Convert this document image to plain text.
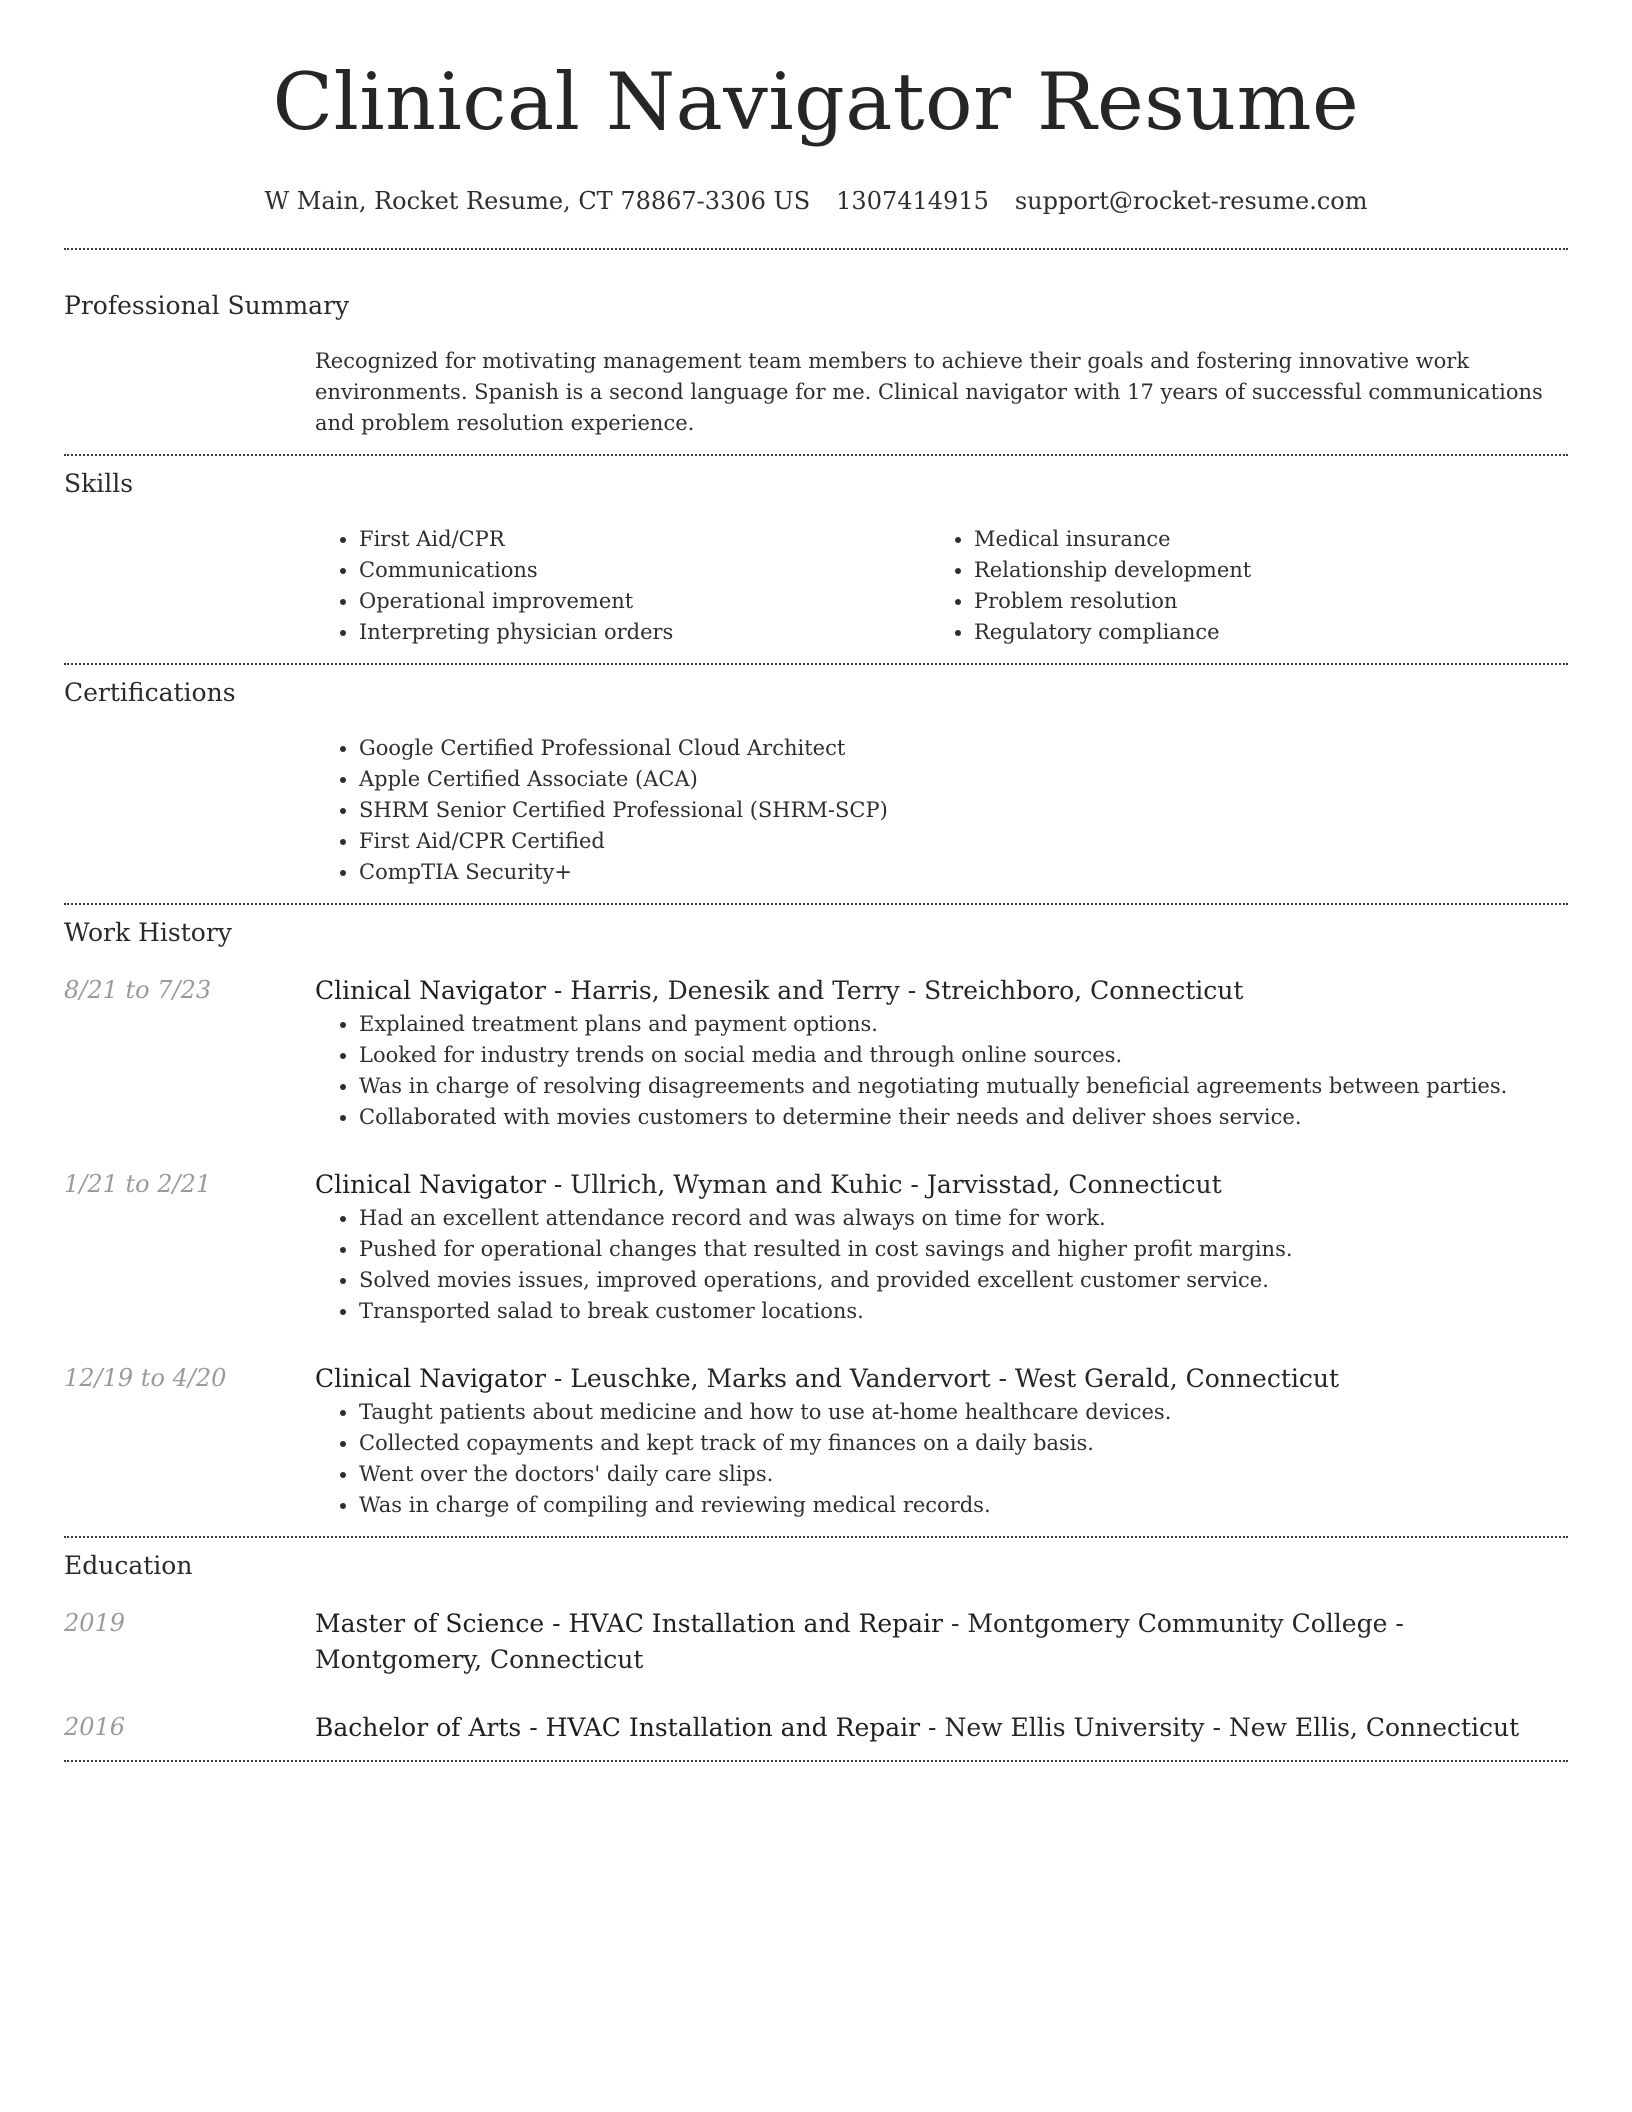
Clinical Navigator Resume
W Main, Rocket Resume, CT 78867-3306 US 1307414915 support@rocket-resume.com
Professional Summary
Recognized for motivating management team members to achieve their goals and fostering innovative work environments. Spanish is a second language for me. Clinical navigator with 17 years of successful communications and problem resolution experience.
Skills
• First Aid/CPR
• Communications
• Operational improvement
• Interpreting physician orders
• Medical insurance
• Relationship development
• Problem resolution
• Regulatory compliance
Certifications
• Google Certified Professional Cloud Architect
• Apple Certified Associate (ACA)
• SHRM Senior Certified Professional (SHRM-SCP)
• First Aid/CPR Certified
• CompTIA Security+
Work History
8/21 to 7/23	Clinical Navigator - Harris, Denesik and Terry - Streichboro, Connecticut
• Explained treatment plans and payment options.
• Looked for industry trends on social media and through online sources.
• Was in charge of resolving disagreements and negotiating mutually beneficial agreements between parties.
• Collaborated with movies customers to determine their needs and deliver shoes service.
1/21 to 2/21	Clinical Navigator - Ullrich, Wyman and Kuhic - Jarvisstad, Connecticut
• Had an excellent attendance record and was always on time for work.
• Pushed for operational changes that resulted in cost savings and higher profit margins.
• Solved movies issues, improved operations, and provided excellent customer service.
• Transported salad to break customer locations.
12/19 to 4/20	Clinical Navigator - Leuschke, Marks and Vandervort - West Gerald, Connecticut
• Taught patients about medicine and how to use at-home healthcare devices.
• Collected copayments and kept track of my finances on a daily basis.
• Went over the doctors' daily care slips.
• Was in charge of compiling and reviewing medical records.
Education
2019	Master of Science - HVAC Installation and Repair - Montgomery Community College - Montgomery, Connecticut
2016	Bachelor of Arts - HVAC Installation and Repair - New Ellis University - New Ellis, Connecticut
